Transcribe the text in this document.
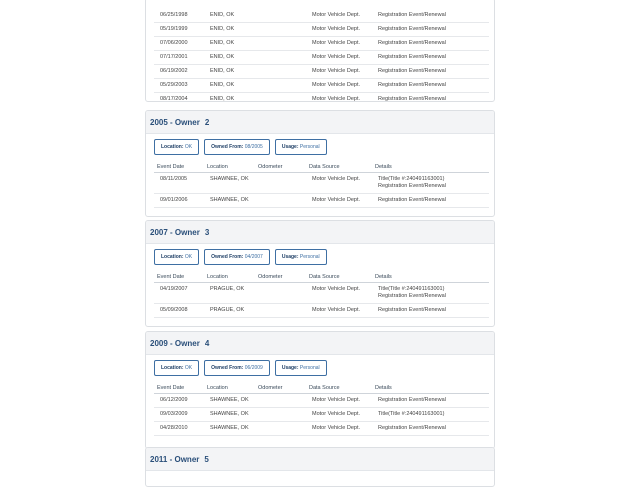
06/25/1998	ENID, OK		Motor Vehicle Dept.	Registration Event/Renewal

05/19/1999	ENID, OK		Motor Vehicle Dept.	Registration Event/Renewal

07/06/2000	ENID, OK		Motor Vehicle Dept.	Registration Event/Renewal

07/17/2001	ENID, OK		Motor Vehicle Dept.	Registration Event/Renewal

06/19/2002	ENID, OK		Motor Vehicle Dept.	Registration Event/Renewal

05/29/2003	ENID, OK		Motor Vehicle Dept.	Registration Event/Renewal

08/17/2004	ENID, OK		Motor Vehicle Dept.	Registration Event/Renewal
2005
- Owner 2
Location: OK	Owned From: 08/2005	Usage: Personal
Event Date	Location	Odometer	Data Source	Details
08/11/2005	SHAWNEE, OK		Motor Vehicle Dept.	Title(Title #:240491163001)
Registration Event/Renewal

09/01/2006	SHAWNEE, OK		Motor Vehicle Dept.	Registration Event/Renewal
2007
- Owner 3
Location: OK	Owned From: 04/2007	Usage: Personal
Event Date	Location	Odometer	Data Source	Details
04/19/2007	PRAGUE, OK		Motor Vehicle Dept.	Title(Title #:240491163001)
Registration Event/Renewal

05/09/2008	PRAGUE, OK		Motor Vehicle Dept.	Registration Event/Renewal
2009
- Owner 4
Location: OK	Owned From: 06/2009	Usage: Personal
Event Date	Location	Odometer	Data Source	Details
06/12/2009	SHAWNEE, OK		Motor Vehicle Dept.	Registration Event/Renewal

09/03/2009	SHAWNEE, OK		Motor Vehicle Dept.	Title(Title #:240491163001)

04/28/2010	SHAWNEE, OK		Motor Vehicle Dept.	Registration Event/Renewal
2011
- Owner 5
